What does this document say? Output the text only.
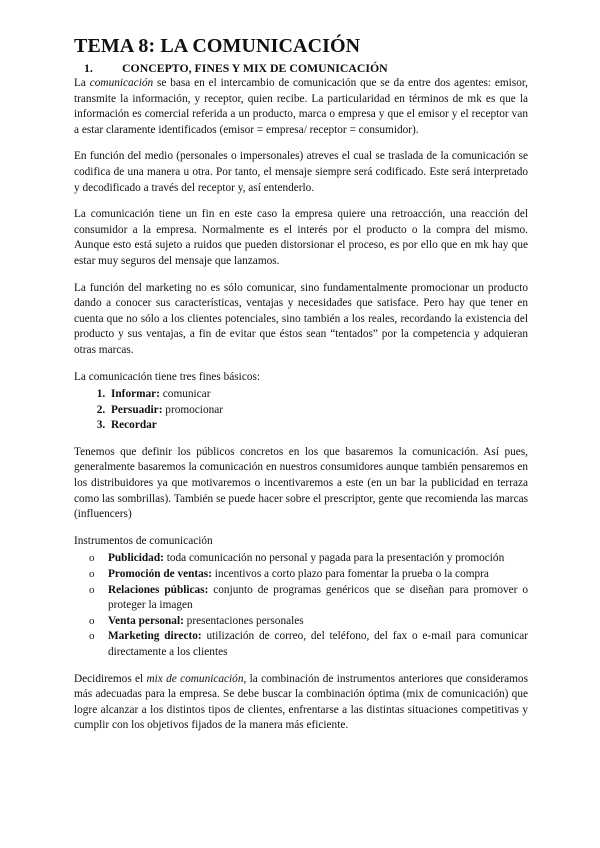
TEMA 8: LA COMUNICACIÓN
1.	CONCEPTO, FINES Y MIX DE COMUNICACIÓN

La comunicación se basa en el intercambio de comunicación que se da entre dos agentes: emisor, transmite la información, y receptor, quien recibe. La particularidad en términos de mk es que la información es comercial referida a un producto, marca o empresa y que el emisor y el receptor van a estar claramente identificados (emisor = empresa/ receptor = consumidor).

En función del medio (personales o impersonales) atreves el cual se traslada de la comunicación se codifica de una manera u otra. Por tanto, el mensaje siempre será codificado. Este será interpretado y decodificado a través del receptor y, así entenderlo.

La comunicación tiene un fin en este caso la empresa quiere una retroacción, una reacción del consumidor a la empresa. Normalmente es el interés por el producto o la compra del mismo. Aunque esto está sujeto a ruidos que pueden distorsionar el proceso, es por ello que en mk hay que estar muy seguros del mensaje que lanzamos.

La función del marketing no es sólo comunicar, sino fundamentalmente promocionar un producto dando a conocer sus características, ventajas y necesidades que satisface. Pero hay que tener en cuenta que no sólo a los clientes potenciales, sino también a los reales, recordando la existencia del producto y sus ventajas, a fin de evitar que éstos sean “tentados” por la competencia y adquieran otras marcas.

La comunicación tiene tres fines básicos:

1. Informar: comunicar
2. Persuadir: promocionar
3. Recordar

Tenemos que definir los públicos concretos en los que basaremos la comunicación. Así pues, generalmente basaremos la comunicación en nuestros consumidores aunque también pensaremos en los distribuidores ya que motivaremos o incentivaremos a este (en un bar la publicidad en terraza como las sombrillas). También se puede hacer sobre el prescriptor, gente que recomienda las marcas (influencers)

Instrumentos de comunicación

o Publicidad: toda comunicación no personal y pagada para la presentación y promoción
o Promoción de ventas: incentivos a corto plazo para fomentar la prueba o la compra
o Relaciones públicas: conjunto de programas genéricos que se diseñan para promover o proteger la imagen
o Venta personal: presentaciones personales
o Marketing directo: utilización de correo, del teléfono, del fax o e-mail para comunicar directamente a los clientes

Decidiremos el mix de comunicación, la combinación de instrumentos anteriores que consideramos más adecuadas para la empresa. Se debe buscar la combinación óptima (mix de comunicación) que logre alcanzar a los distintos tipos de clientes, enfrentarse a las distintas situaciones competitivas y cumplir con los objetivos fijados de la manera más eficiente.
